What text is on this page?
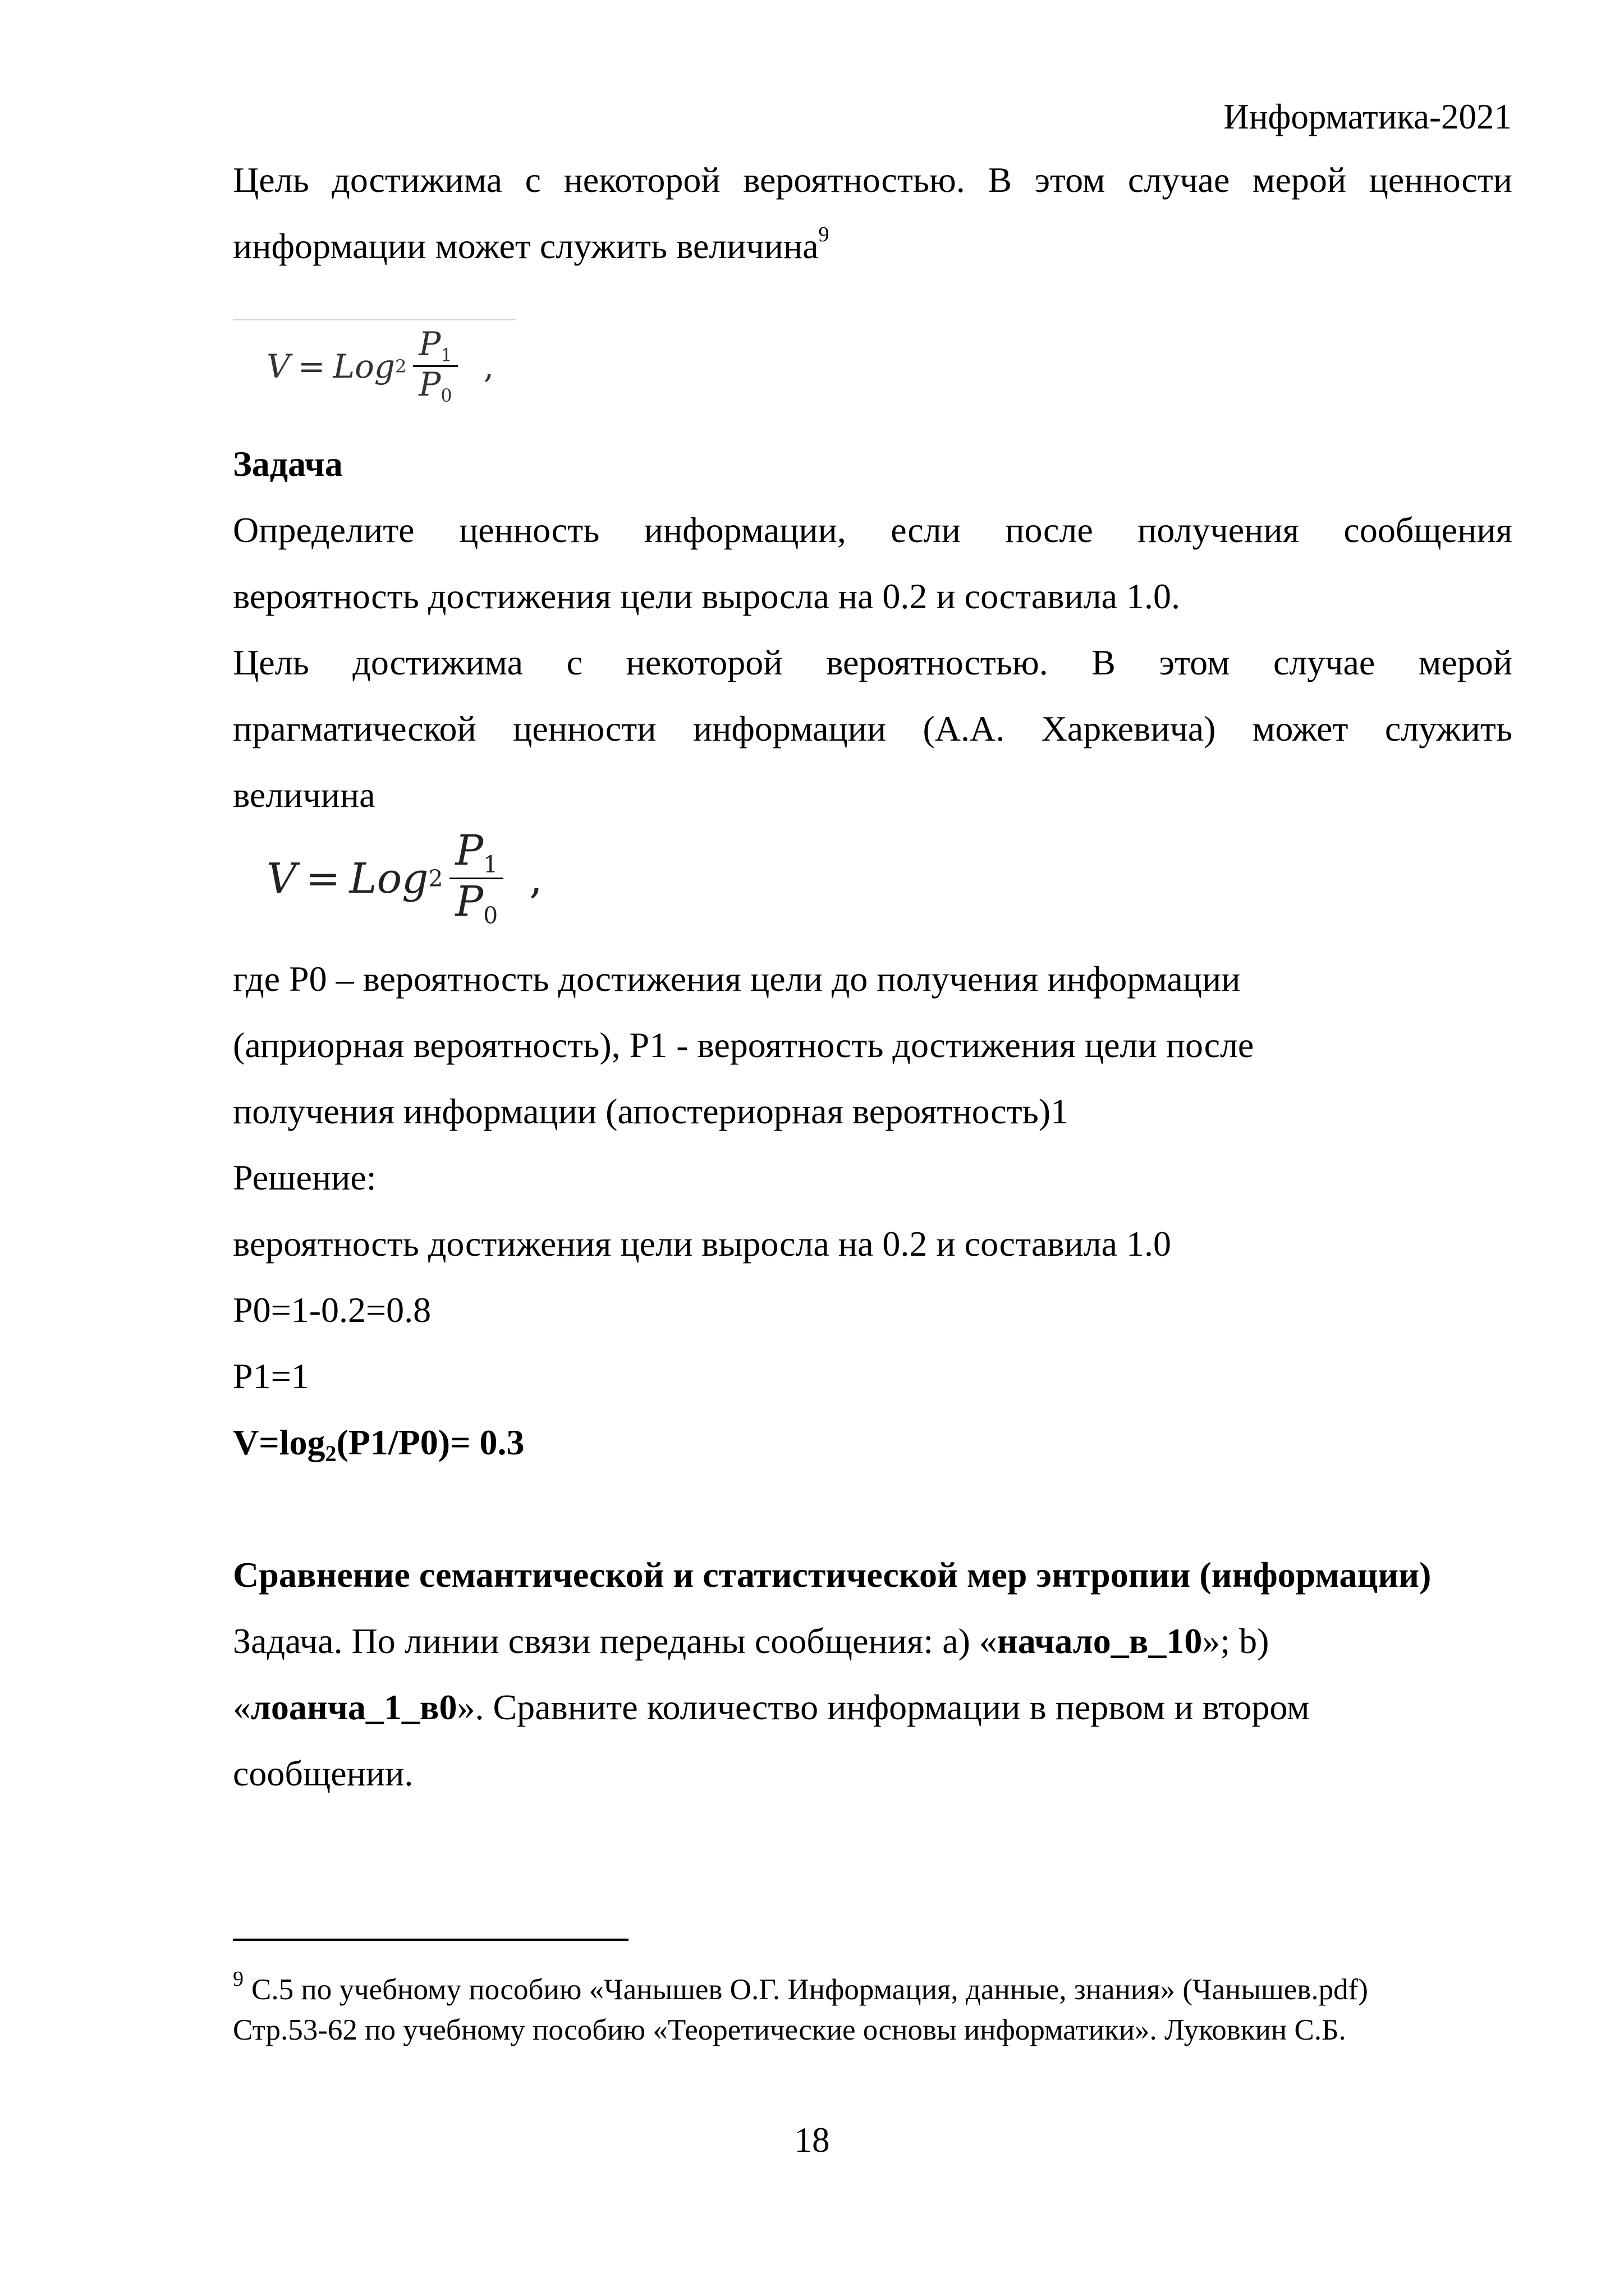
Информатика-2021

Цель достижима с некоторой вероятностью. В этом случае мерой ценности

информации может служить величина$^9$

V = Log $2 \frac{P1}{P0}$ ,

Задача

Определите ценность информации, если после получения сообщения

вероятность достижения цели выросла на 0.2 и составила 1.0.

Цель достижима с некоторой вероятностью. В этом случае мерой

прагматической ценности информации (А.А. Харкевича) может служить

величина

V = Log $2 \frac{P1}{P0}$ ,

где Р0 – вероятность достижения цели до получения информации

(априорная вероятность), Р1 - вероятность достижения цели после

получения информации (апостериорная вероятность)1

Решение:

вероятность достижения цели выросла на 0.2 и составила 1.0

P0=1-0.2=0.8

P1=1

$V=\log_2(P1/P0)= 0.3$

Сравнение семантической и статистической мер энтропии (информации)

Задача. По линии связи переданы сообщения: а) «начало_в_10»; b)

«лоанча_1_в0». Сравните количество информации в первом и втором

сообщении.

$^9$ С.5 по учебному пособию «Чанышев О.Г. Информация, данные, знания» (Чанышев.pdf)

Стр.53-62 по учебному пособию «Теоретические основы информатики». Луковкин С.Б.

18
